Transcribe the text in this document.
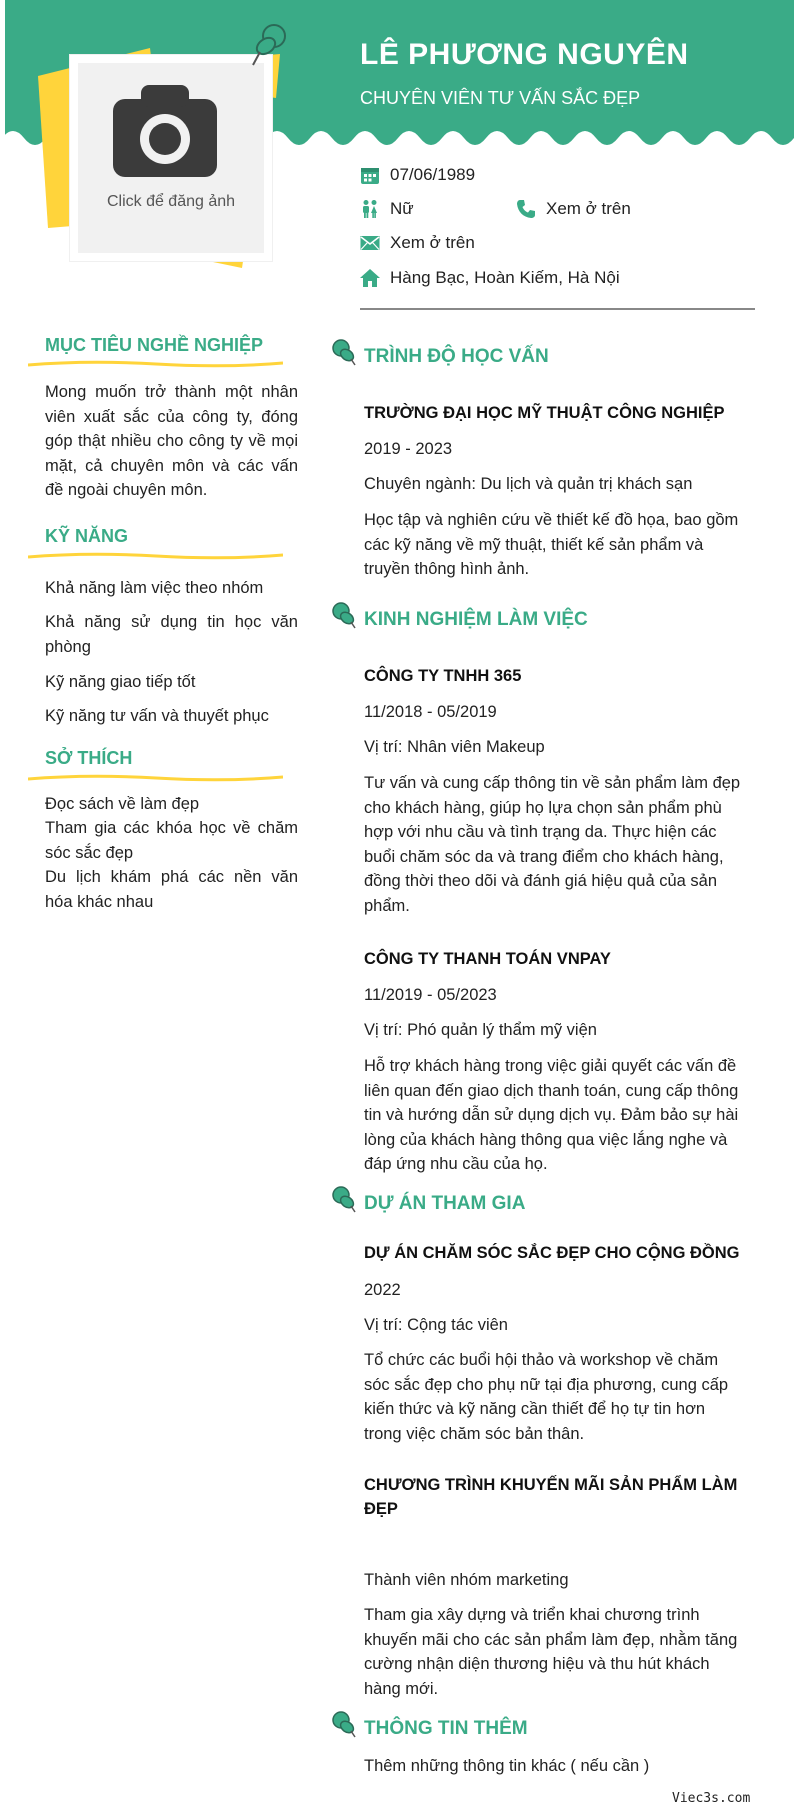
LÊ PHƯƠNG NGUYÊN
CHUYÊN VIÊN TƯ VẤN SẮC ĐẸP
Click để đăng ảnh
07/06/1989
Nữ	Xem ở trên
Xem ở trên
Hàng Bạc, Hoàn Kiếm, Hà Nội
MỤC TIÊU NGHỀ NGHIỆP
Mong muốn trở thành một nhân viên xuất sắc của công ty, đóng góp thật nhiều cho công ty về mọi mặt, cả chuyên môn và các vấn đề ngoài chuyên môn.
KỸ NĂNG
Khả năng làm việc theo nhóm
Khả năng sử dụng tin học văn phòng
Kỹ năng giao tiếp tốt
Kỹ năng tư vấn và thuyết phục
SỞ THÍCH
Đọc sách về làm đẹp
Tham gia các khóa học về chăm sóc sắc đẹp
Du lịch khám phá các nền văn hóa khác nhau
TRÌNH ĐỘ HỌC VẤN
TRƯỜNG ĐẠI HỌC MỸ THUẬT CÔNG NGHIỆP
2019 - 2023
Chuyên ngành: Du lịch và quản trị khách sạn
Học tập và nghiên cứu về thiết kế đồ họa, bao gồm các kỹ năng về mỹ thuật, thiết kế sản phẩm và truyền thông hình ảnh.
KINH NGHIỆM LÀM VIỆC
CÔNG TY TNHH 365
11/2018 - 05/2019
Vị trí: Nhân viên Makeup
Tư vấn và cung cấp thông tin về sản phẩm làm đẹp cho khách hàng, giúp họ lựa chọn sản phẩm phù hợp với nhu cầu và tình trạng da. Thực hiện các buổi chăm sóc da và trang điểm cho khách hàng, đồng thời theo dõi và đánh giá hiệu quả của sản phẩm.
CÔNG TY THANH TOÁN VNPAY
11/2019 - 05/2023
Vị trí: Phó quản lý thẩm mỹ viện
Hỗ trợ khách hàng trong việc giải quyết các vấn đề liên quan đến giao dịch thanh toán, cung cấp thông tin và hướng dẫn sử dụng dịch vụ. Đảm bảo sự hài lòng của khách hàng thông qua việc lắng nghe và đáp ứng nhu cầu của họ.
DỰ ÁN THAM GIA
DỰ ÁN CHĂM SÓC SẮC ĐẸP CHO CỘNG ĐỒNG
2022
Vị trí: Cộng tác viên
Tổ chức các buổi hội thảo và workshop về chăm sóc sắc đẹp cho phụ nữ tại địa phương, cung cấp kiến thức và kỹ năng cần thiết để họ tự tin hơn trong việc chăm sóc bản thân.
CHƯƠNG TRÌNH KHUYẾN MÃI SẢN PHẨM LÀM ĐẸP
Thành viên nhóm marketing
Tham gia xây dựng và triển khai chương trình khuyến mãi cho các sản phẩm làm đẹp, nhằm tăng cường nhận diện thương hiệu và thu hút khách hàng mới.
THÔNG TIN THÊM
Thêm những thông tin khác ( nếu cần )
Viec3s.com
